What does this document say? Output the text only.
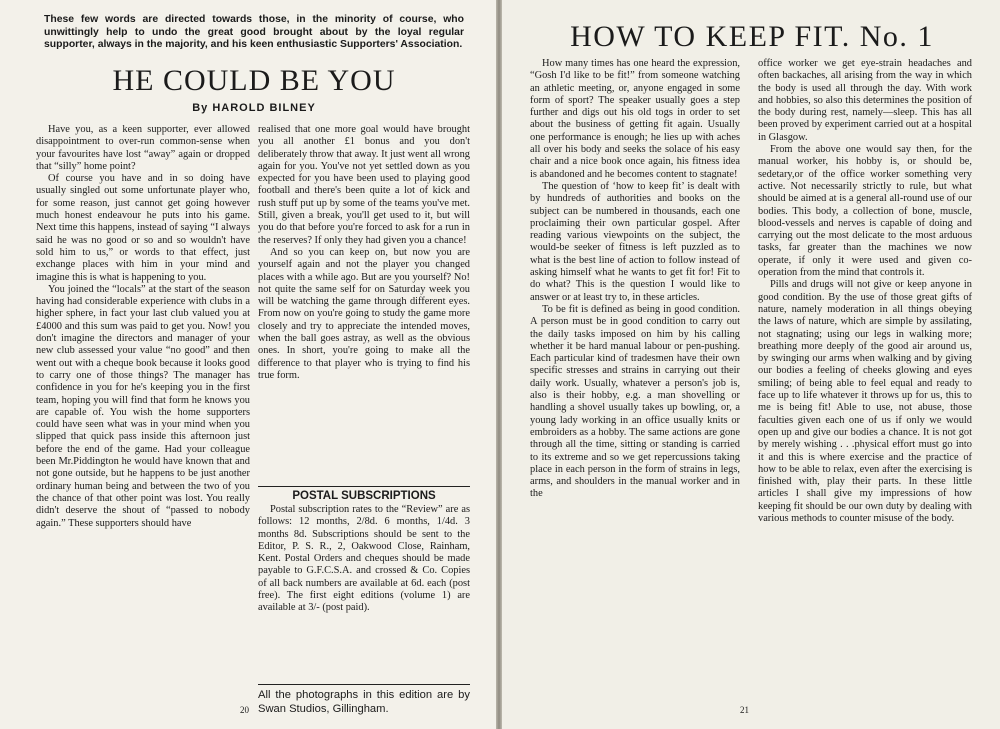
These few words are directed towards those, in the minority of course, who unwittingly help to undo the great good brought about by the loyal regular supporter, always in the majority, and his keen enthusiastic Supporters' Association.
HE COULD BE YOU
By HAROLD BILNEY

Have you, as a keen supporter, ever allowed disappointment to over-run common-sense when your favourites have lost “away” again or dropped that “silly” home point?

Of course you have and in so doing have usually singled out some unfortunate player who, for some reason, just cannot get going however much honest endeavour he puts into his game. Next time this happens, instead of saying “I always said he was no good or so and so wouldn't have sold him to us,” or words to that effect, just exchange places with him in your mind and imagine this is what is happening to you.

You joined the “locals” at the start of the season having had considerable experience with clubs in a higher sphere, in fact your last club valued you at £4000 and this sum was paid to get you. Now! you don't imagine the directors and manager of your new club assessed your value “no good” and then went out with a cheque book because it looks good to carry one of those things? The manager has confidence in you for he's keeping you in the first team, hoping you will find that form he knows you are capable of. You wish the home supporters could have seen what was in your mind when you slipped that quick pass inside this afternoon just before the end of the game. Had your colleague been Mr.Piddington he would have known that and not gone outside, but he happens to be just another ordinary human being and between the two of you the chance of that other point was lost. You really didn't deserve the shout of “passed to nobody again.” These supporters should have

realised that one more goal would have brought you all another £1 bonus and you don't deliberately throw that away. It just went all wrong again for you. You've not yet settled down as you expected for you have been used to playing good football and there's been quite a lot of kick and rush stuff put up by some of the teams you've met. Still, given a break, you'll get used to it, but will you do that before you're forced to ask for a run in the reserves? If only they had given you a chance!

And so you can keep on, but now you are yourself again and not the player you changed places with a while ago. But are you yourself? No! not quite the same self for on Saturday week you will be watching the game through different eyes. From now on you're going to study the game more closely and try to appreciate the intended moves, when the ball goes astray, as well as the obvious ones. In short, you're going to make all the difference to that player who is trying to find his true form.

POSTAL SUBSCRIPTIONS

Postal subscription rates to the “Review” are as follows: 12 months, 2/8d. 6 months, 1/4d. 3 months 8d. Subscriptions should be sent to the Editor, P. S. R., 2, Oakwood Close, Rainham, Kent. Postal Orders and cheques should be made payable to G.F.C.S.A. and crossed & Co. Copies of all back numbers are available at 6d. each (post free). The first eight editions (volume 1) are available at 3/- (post paid).

All the photographs in this edition are by Swan Studios, Gillingham.
20
HOW TO KEEP FIT. No. 1

How many times has one heard the expression, “Gosh I'd like to be fit!” from someone watching an athletic meeting, or, anyone engaged in some form of sport? The speaker usually goes a step further and digs out his old togs in order to set about the business of getting fit again. Usually one performance is enough; he lies up with aches all over his body and seeks the solace of his easy chair and a nice book once again, his fitness idea is abandoned and he becomes content to stagnate!

The question of ‘how to keep fit’ is dealt with by hundreds of authorities and books on the subject can be numbered in thousands, each one proclaiming their own particular gospel. After reading various viewpoints on the subject, the would-be seeker of fitness is left puzzled as to what is the best line of action to follow instead of asking himself what he wants to get fit for! Fit to do what? This is the question I would like to answer or at least try to, in these articles.

To be fit is defined as being in good condition. A person must be in good condition to carry out the daily tasks imposed on him by his calling whether it be hard manual labour or pen-pushing. Each particular kind of tradesmen have their own specific stresses and strains in carrying out their daily work. Usually, whatever a person's job is, also is their hobby, e.g. a man shovelling or handling a shovel usually takes up bowling, or, a young lady working in an office usually knits or embroiders as a hobby. The same actions are gone through all the time, sitting or standing is carried to its extreme and so we get repercussions taking place in each person in the form of strains in legs, arms, and shoulders in the manual worker and in the

office worker we get eye-strain headaches and often backaches, all arising from the way in which the body is used all through the day. With work and hobbies, so also this determines the position of the body during rest, namely—sleep. This has all been proved by experiment carried out at a hospital in Glasgow.

From the above one would say then, for the manual worker, his hobby is, or should be, sedetary,or of the office worker something very active. Not necessarily strictly to rule, but what should be aimed at is a general all-round use of our bodies. This body, a collection of bone, muscle, blood-vessels and nerves is capable of doing and carrying out the most delicate to the most arduous tasks, far greater than the machines we now operate, if only it were used and given co-operation from the mind that controls it.

Pills and drugs will not give or keep anyone in good condition. By the use of those great gifts of nature, namely moderation in all things obeying the laws of nature, which are simple by assilating, not stagnating; using our legs in walking more; breathing more deeply of the good air around us, by swinging our arms when walking and by giving our bodies a feeling of cheeks glowing and eyes smiling; of being able to feel equal and ready to face up to life whatever it throws up for us, this to me is being fit! Able to use, not abuse, those faculties given each one of us if only we would open up and give our bodies a chance. It is not got by merely wishing . . .physical effort must go into it and this is where exercise and the practice of how to be able to relax, even after the exercising is finished with, play their parts. In these little articles I shall give my impressions of how keeping fit should be our own duty by dealing with various methods to counter misuse of the body.

21
